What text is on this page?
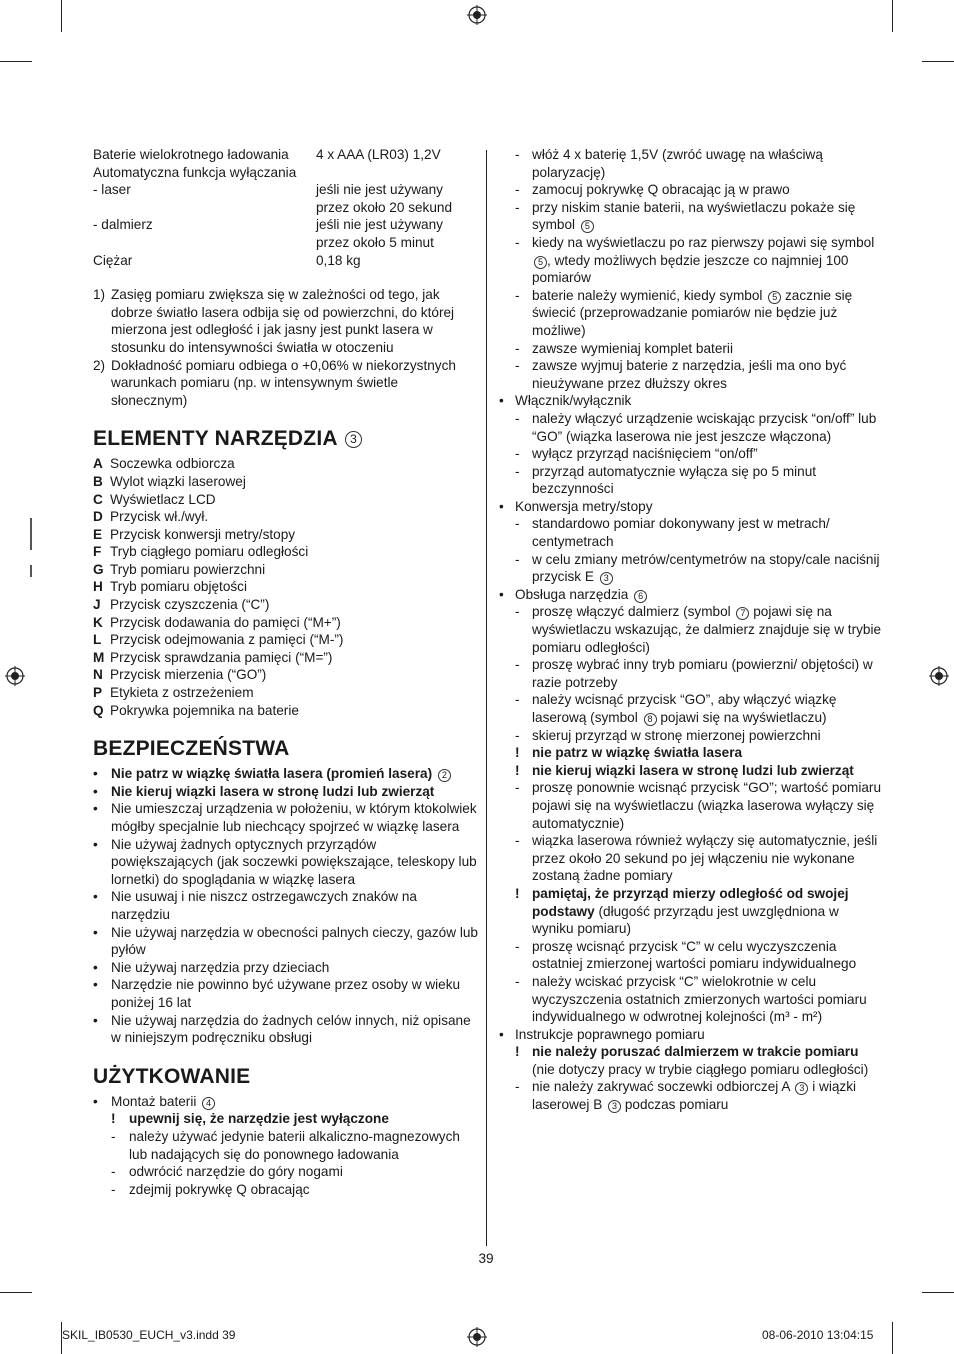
Baterie wielokrotnego ładowania	4 x AAA (LR03) 1,2V
Automatyczna funkcja wyłączania
- laser	jeśli nie jest używany przez około 20 sekund
- dalmierz	jeśli nie jest używany przez około 5 minut
Ciężar	0,18 kg
1) Zasięg pomiaru zwiększa się w zależności od tego, jak dobrze światło lasera odbija się od powierzchni, do której mierzona jest odległość i jak jasny jest punkt lasera w stosunku do intensywności światła w otoczeniu
2) Dokładność pomiaru odbiega o +0,06% w niekorzystnych warunkach pomiaru (np. w intensywnym świetle słonecznym)
ELEMENTY NARZĘDZIA 3
A Soczewka odbiorcza
B Wylot wiązki laserowej
C Wyświetlacz LCD
D Przycisk wł./wył.
E Przycisk konwersji metry/stopy
F Tryb ciągłego pomiaru odległości
G Tryb pomiaru powierzchni
H Tryb pomiaru objętości
J Przycisk czyszczenia (“C”)
K Przycisk dodawania do pamięci (“M+”)
L Przycisk odejmowania z pamięci (“M-”)
M Przycisk sprawdzania pamięci (“M=”)
N Przycisk mierzenia (“GO”)
P Etykieta z ostrzeżeniem
Q Pokrywka pojemnika na baterie
BEZPIECZEŃSTWA
• Nie patrz w wiązkę światła lasera (promień lasera) 2
• Nie kieruj wiązki lasera w stronę ludzi lub zwierząt
• Nie umieszczaj urządzenia w położeniu, w którym ktokolwiek mógłby specjalnie lub niechcący spojrzeć w wiązkę lasera
• Nie używaj żadnych optycznych przyrządów powiększających (jak soczewki powiększające, teleskopy lub lornetki) do spoglądania w wiązkę lasera
• Nie usuwaj i nie niszcz ostrzegawczych znaków na narzędziu
• Nie używaj narzędzia w obecności palnych cieczy, gazów lub pyłów
• Nie używaj narzędzia przy dzieciach
• Narzędzie nie powinno być używane przez osoby w wieku poniżej 16 lat
• Nie używaj narzędzia do żadnych celów innych, niż opisane w niniejszym podręczniku obsługi
UŻYTKOWANIE
• Montaż baterii 4
! upewnij się, że narzędzie jest wyłączone
- należy używać jedynie baterii alkaliczno-magnezowych lub nadających się do ponownego ładowania
- odwrócić narzędzie do góry nogami
- zdejmij pokrywkę Q obracając
- włóż 4 x baterię 1,5V (zwróć uwagę na właściwą polaryzację)
- zamocuj pokrywkę Q obracając ją w prawo
- przy niskim stanie baterii, na wyświetlaczu pokaże się symbol 5
- kiedy na wyświetlaczu po raz pierwszy pojawi się symbol 5 , wtedy możliwych będzie jeszcze co najmniej 100 pomiarów
- baterie należy wymienić, kiedy symbol 5 zacznie się świecić (przeprowadzanie pomiarów nie będzie już możliwe)
- zawsze wymieniaj komplet baterii
- zawsze wyjmuj baterie z narzędzia, jeśli ma ono być nieużywane przez dłuższy okres
• Włącznik/wyłącznik
- należy włączyć urządzenie wciskając przycisk “on/off” lub “GO” (wiązka laserowa nie jest jeszcze włączona)
- wyłącz przyrząd naciśnięciem “on/off”
- przyrząd automatycznie wyłącza się po 5 minut bezczynności
• Konwersja metry/stopy
- standardowo pomiar dokonywany jest w metrach/ centymetrach
- w celu zmiany metrów/centymetrów na stopy/cale naciśnij przycisk E 3
• Obsługa narzędzia 6
- proszę włączyć dalmierz (symbol 7 pojawi się na wyświetlaczu wskazując, że dalmierz znajduje się w trybie pomiaru odległości)
- proszę wybrać inny tryb pomiaru (powierzni/ objętości) w razie potrzeby
- należy wcisnąć przycisk “GO”, aby włączyć wiązkę laserową (symbol 8 pojawi się na wyświetlaczu)
- skieruj przyrząd w stronę mierzonej powierzchni
! nie patrz w wiązkę światła lasera
! nie kieruj wiązki lasera w stronę ludzi lub zwierząt
- proszę ponownie wcisnąć przycisk “GO”; wartość pomiaru pojawi się na wyświetlaczu (wiązka laserowa wyłączy się automatycznie)
- wiązka laserowa również wyłączy się automatycznie, jeśli przez około 20 sekund po jej włączeniu nie wykonane zostaną żadne pomiary
! pamiętaj, że przyrząd mierzy odległość od swojej podstawy (długość przyrządu jest uwzględniona w wyniku pomiaru)
- proszę wcisnąć przycisk “C” w celu wyczyszczenia ostatniej zmierzonej wartości pomiaru indywidualnego
- należy wciskać przycisk “C” wielokrotnie w celu wyczyszczenia ostatnich zmierzonych wartości pomiaru indywidualnego w odwrotnej kolejności (m³ - m²)
• Instrukcje poprawnego pomiaru
! nie należy poruszać dalmierzem w trakcie pomiaru (nie dotyczy pracy w trybie ciągłego pomiaru odległości)
- nie należy zakrywać soczewki odbiorczej A 3 i wiązki laserowej B 3 podczas pomiaru
39
SKIL_IB0530_EUCH_v3.indd 39	08-06-2010 13:04:15
